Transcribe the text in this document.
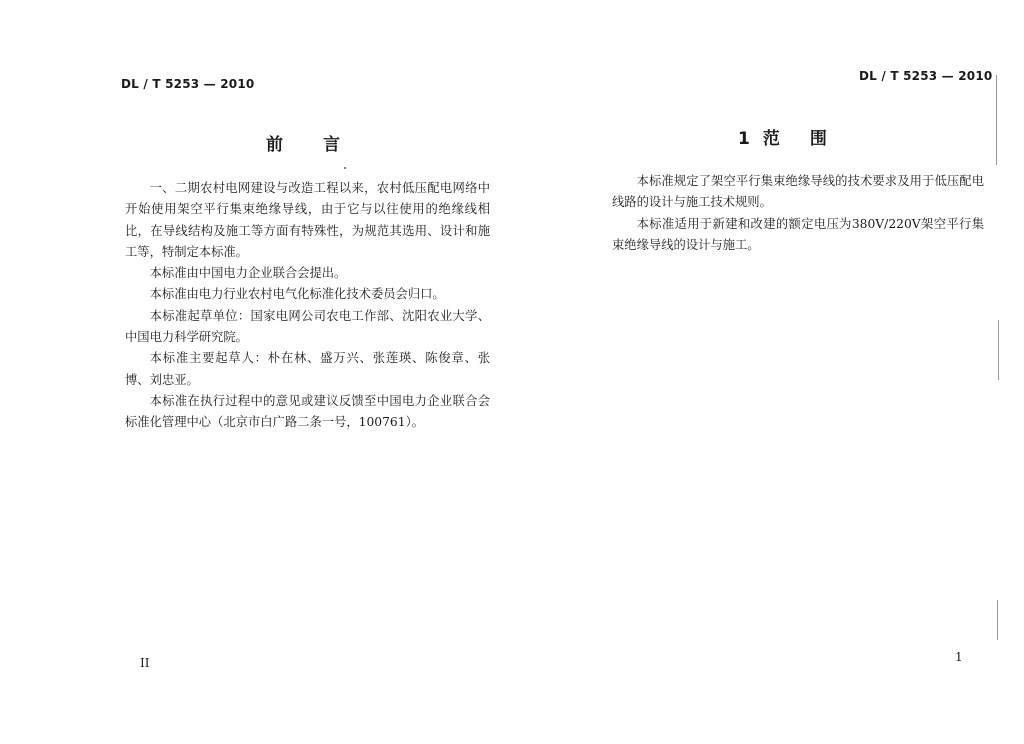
DL / T 5253 — 2010
前言

一、二期农村电网建设与改造工程以来，农村低压配电网络中开始使用架空平行集束绝缘导线，由于它与以往使用的绝缘线相比，在导线结构及施工等方面有特殊性，为规范其选用、设计和施工等，特制定本标准。

本标准由中国电力企业联合会提出。

本标准由电力行业农村电气化标准化技术委员会归口。

本标准起草单位：国家电网公司农电工作部、沈阳农业大学、中国电力科学研究院。

本标准主要起草人：朴在林、盛万兴、张莲瑛、陈俊章、张博、刘忠亚。

本标准在执行过程中的意见或建议反馈至中国电力企业联合会标准化管理中心（北京市白广路二条一号，100761）。

II
DL / T 5253 — 2010
1 范 围

本标准规定了架空平行集束绝缘导线的技术要求及用于低压配电线路的设计与施工技术规则。

本标准适用于新建和改建的额定电压为380V/220V架空平行集束绝缘导线的设计与施工。

1
